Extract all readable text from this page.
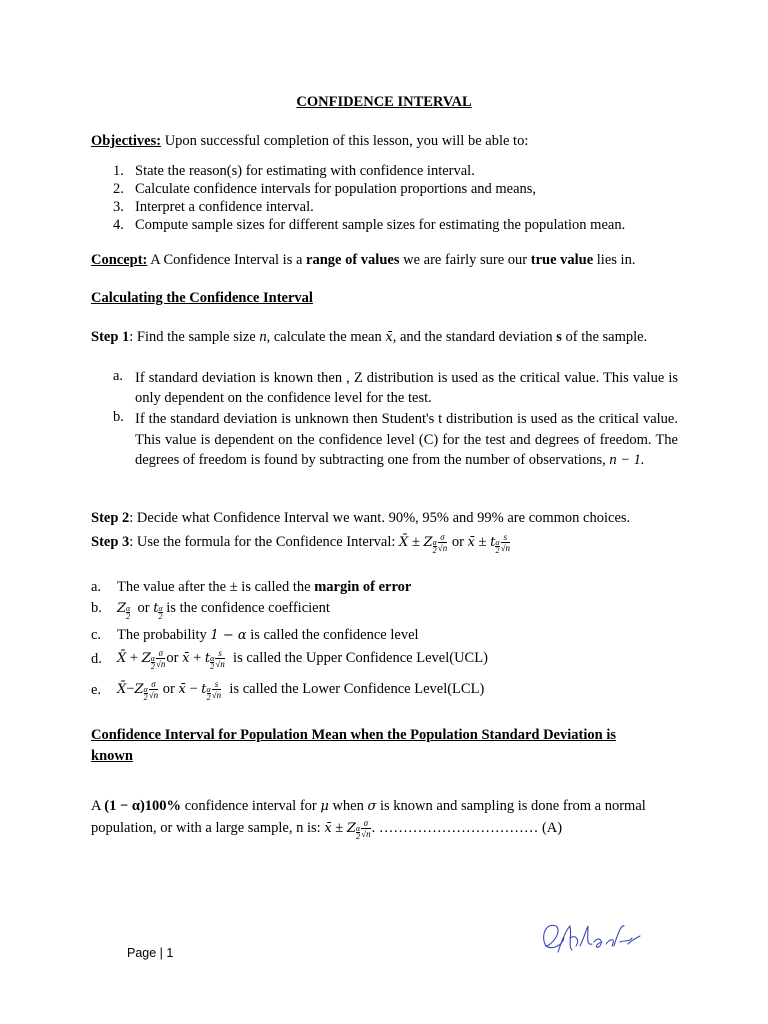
CONFIDENCE INTERVAL
Objectives: Upon successful completion of this lesson, you will be able to:
1. State the reason(s) for estimating with confidence interval.
2. Calculate confidence intervals for population proportions and means,
3. Interpret a confidence interval.
4. Compute sample sizes for different sample sizes for estimating the population mean.
Concept: A Confidence Interval is a range of values we are fairly sure our true value lies in.
Calculating the Confidence Interval
Step 1: Find the sample size n, calculate the mean x̄, and the standard deviation s of the sample.
a. If standard deviation is known then , Z distribution is used as the critical value. This value is only dependent on the confidence level for the test.
b. If the standard deviation is unknown then Student's t distribution is used as the critical value. This value is dependent on the confidence level (C) for the test and degrees of freedom. The degrees of freedom is found by subtracting one from the number of observations, n − 1.
Step 2: Decide what Confidence Interval we want. 90%, 95% and 99% are common choices.
Step 3: Use the formula for the Confidence Interval: X̄ ± Z $\frac{\alpha}{2} \frac{\sigma}{√n}$ or x̄ ± t $\frac{\alpha}{2} \frac{s}{√n}$
a. The value after the ± is called the margin of error
b. Z $\frac{\alpha}{2}$ or t $\frac{\alpha}{2}$ is the confidence coefficient
c. The probability 1 − α is called the confidence level
d. X̄ + Z $\frac{\alpha}{2} \frac{\sigma}{√n}$ or x̄ + t $\frac{\alpha}{2} \frac{s}{√n}$ is called the Upper Confidence Level(UCL)
e. X̄−Z $\frac{\alpha}{2} \frac{\sigma}{√n}$ or x̄ − t $\frac{\alpha}{2} \frac{s}{√n}$ is called the Lower Confidence Level(LCL)
Confidence Interval for Population Mean when the Population Standard Deviation is
known
A (1 − α)100% confidence interval for μ when σ is known and sampling is done from a normal
population, or with a large sample, n is: x̄ ± Z $\frac{\alpha}{2} \frac{\sigma}{√n}$ . …………………………… (A)
Page | 1
